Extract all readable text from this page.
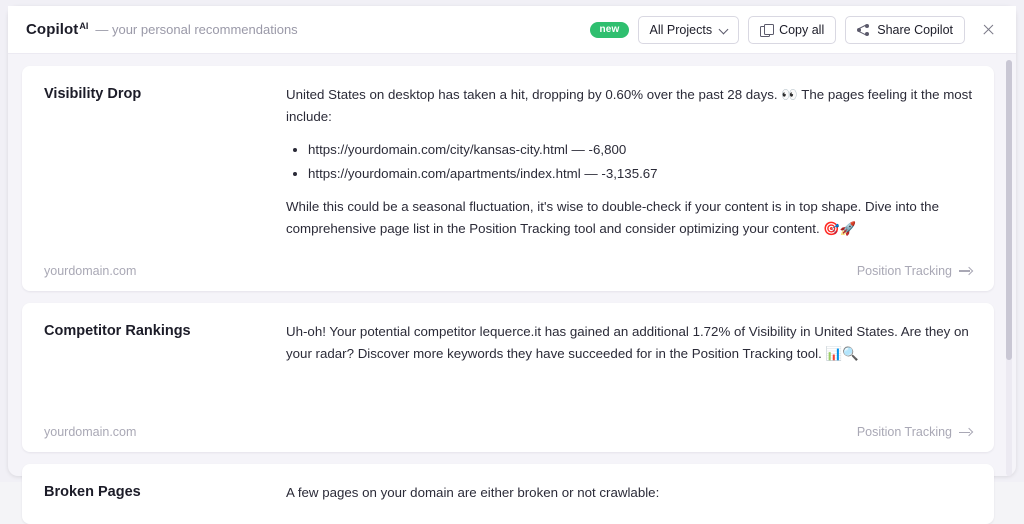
Copilot AI — your personal recommendations	new	All Projects	Copy all	Share Copilot
Visibility Drop	United States on desktop has taken a hit, dropping by 0.60% over the past 28 days. 👀 The pages feeling it the most include:

• https://yourdomain.com/city/kansas-city.html — -6,800
• https://yourdomain.com/apartments/index.html — -3,135.67

While this could be a seasonal fluctuation, it's wise to double-check if your content is in top shape. Dive into the comprehensive page list in the Position Tracking tool and consider optimizing your content. 🎯🚀

yourdomain.com	Position Tracking
Competitor Rankings	Uh-oh! Your potential competitor lequerce.it has gained an additional 1.72% of Visibility in United States. Are they on your radar? Discover more keywords they have succeeded for in the Position Tracking tool. 📊🔍

yourdomain.com	Position Tracking
Broken Pages	A few pages on your domain are either broken or not crawlable:
